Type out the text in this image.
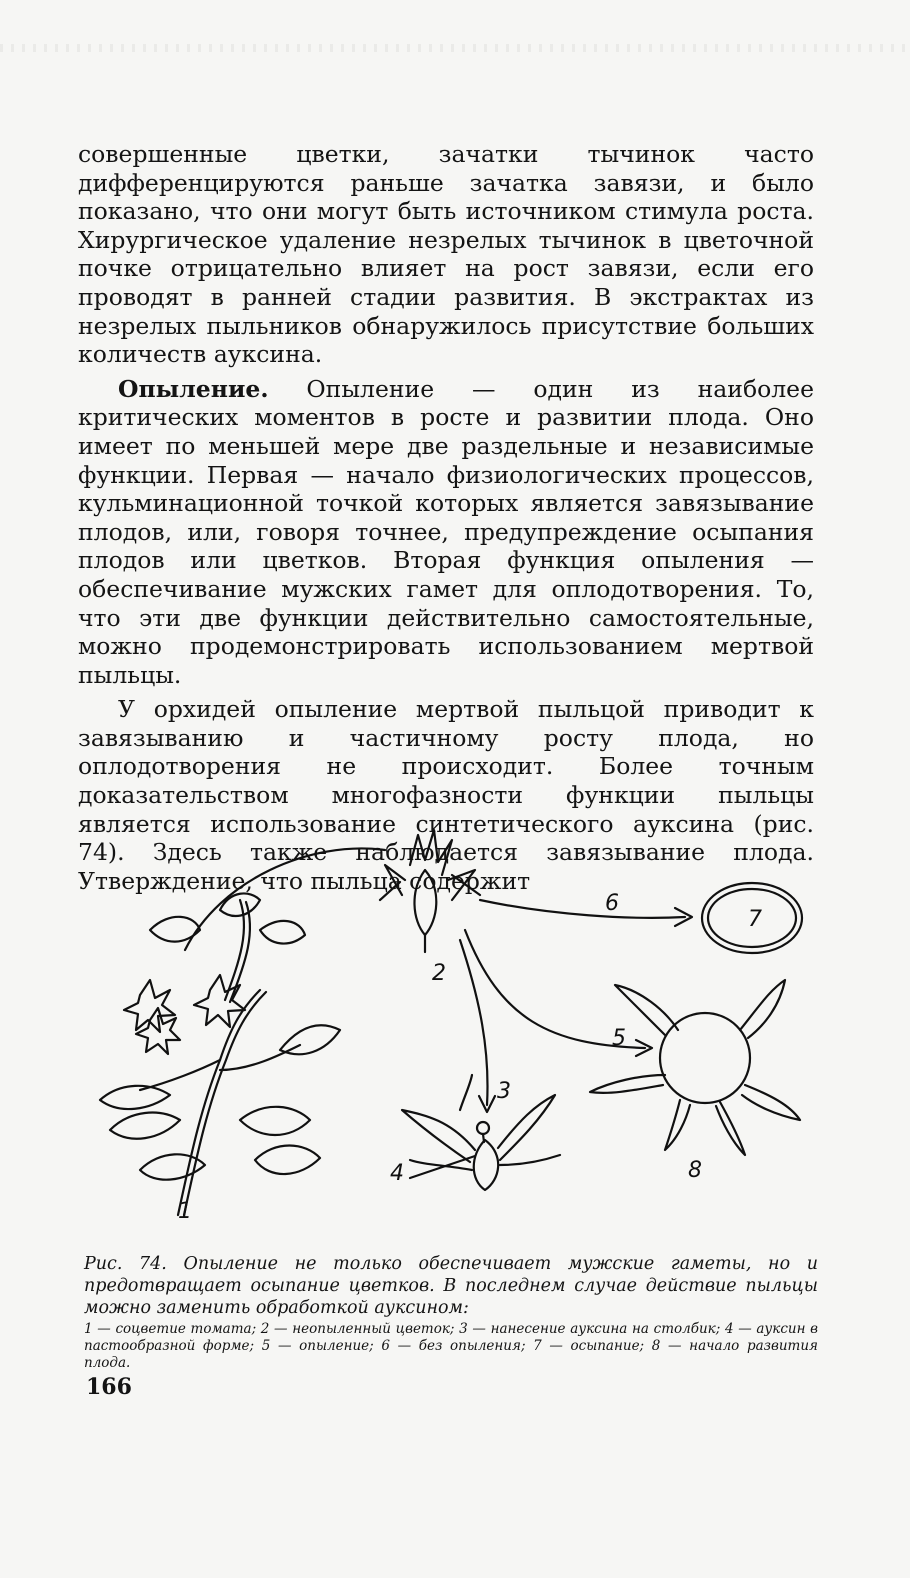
совершенные цветки, зачатки тычинок часто дифференцируются раньше зачатка завязи, и было показано, что они могут быть источником стимула роста. Хирургическое удаление незрелых тычинок в цветочной почке отрицательно влияет на рост завязи, если его проводят в ранней стадии развития. В экстрактах из незрелых пыльников обнаружилось присутствие больших количеств ауксина.

Опыление. Опыление — один из наиболее критических моментов в росте и развитии плода. Оно имеет по меньшей мере две раздельные и независимые функции. Первая — начало физиологических процессов, кульминационной точкой которых является завязывание плодов, или, говоря точнее, предупреждение осыпания плодов или цветков. Вторая функция опыления — обеспечивание мужских гамет для оплодотворения. То, что эти две функции действительно самостоятельные, можно продемонстрировать использованием мертвой пыльцы.

У орхидей опыление мертвой пыльцой приводит к завязыванию и частичному росту плода, но оплодотворения не происходит. Более точным доказательством многофазности функции пыльцы является использование синтетического ауксина (рис. 74). Здесь также наблюдается завязывание плода. Утверждение, что пыльца содержит

1
2
3
4
5
6
7
8
Рис. 74. Опыление не только обеспечивает мужские гаметы, но и предотвращает осыпание цветков. В последнем случае действие пыльцы можно заменить обработкой ауксином:
1 — соцветие томата; 2 — неопыленный цветок; 3 — нанесение ауксина на столбик; 4 — ауксин в пастообразной форме; 5 — опыление; 6 — без опыления; 7 — осыпание; 8 — начало развития плода.
166
